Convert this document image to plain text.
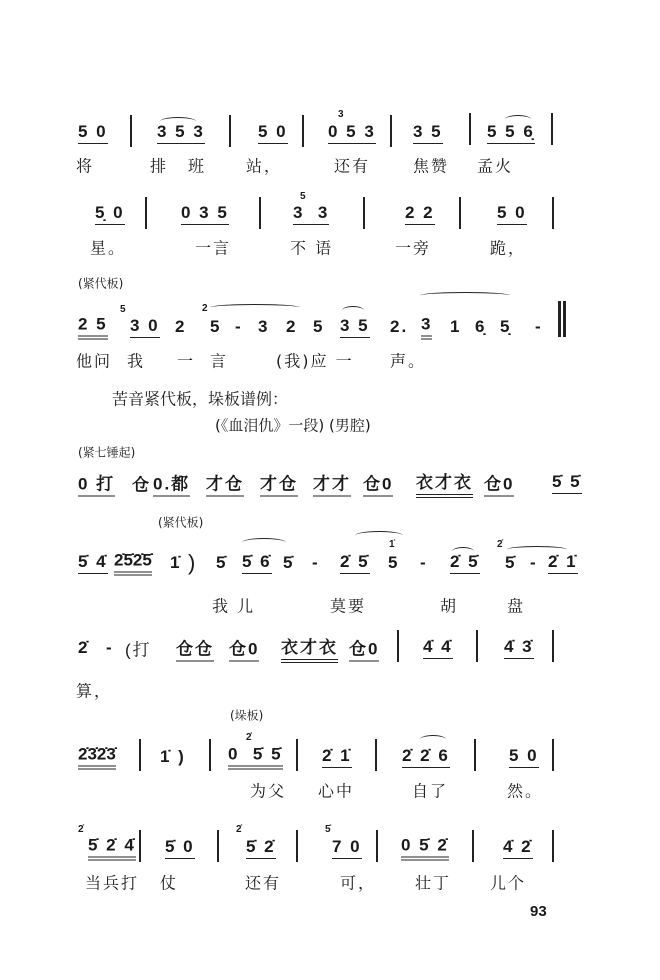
5 0	3 5 3	5 0
3
0 5 3 3 5	5 5 6̣
将	排 班 站，	还有	焦赞 孟火
5̣ 0	0 3 5
5
3  3	2 2	5 0
星。	一言	不 语	一旁	跪，
(紧代板)
2 5
5
3 0 2
2
5 - 3 2 5 3 5 2. 3 1 6̣ 5̣ -
他问 我 一 言	(我)应 一 声。
苦音紧代板，垛板谱例：
(《血泪仇》一段) (男腔)
(紧七锤起)
0 打 仓 0.都 才仓 才仓 才才 仓0 衣才衣 仓0 5̇ 5̇
(紧代板)
5̇ 4̇ 2̇5̇2̇5̇ 1̇ ) 5̇ 5̇ 6̇ 5̇ - 2̇ 5̇
1̇
5 - 2̇ 5̇
2̇
5̇ - 2̇ 1̇
我 儿	莫要	胡	盘
2̇ - (打 仓仓 仓0 衣才衣 仓0	4̇ 4̇	4̇ 3̇
算，
(垛板)
2̇3̇2̇3̇	1̇ )
2̇
0  5̇ 5̇ 2̇ 1̇	2̇ 2̇ 6	5 0
为父 心中	自了	然。
2̇
5̇ 2̇ 4̇ 5̇ 0
2̇
5̇ 2̇
5̇
7 0 0 5̇ 2̇	4̇ 2̇
当兵打 仗	还有	可， 壮丁 儿个
93
